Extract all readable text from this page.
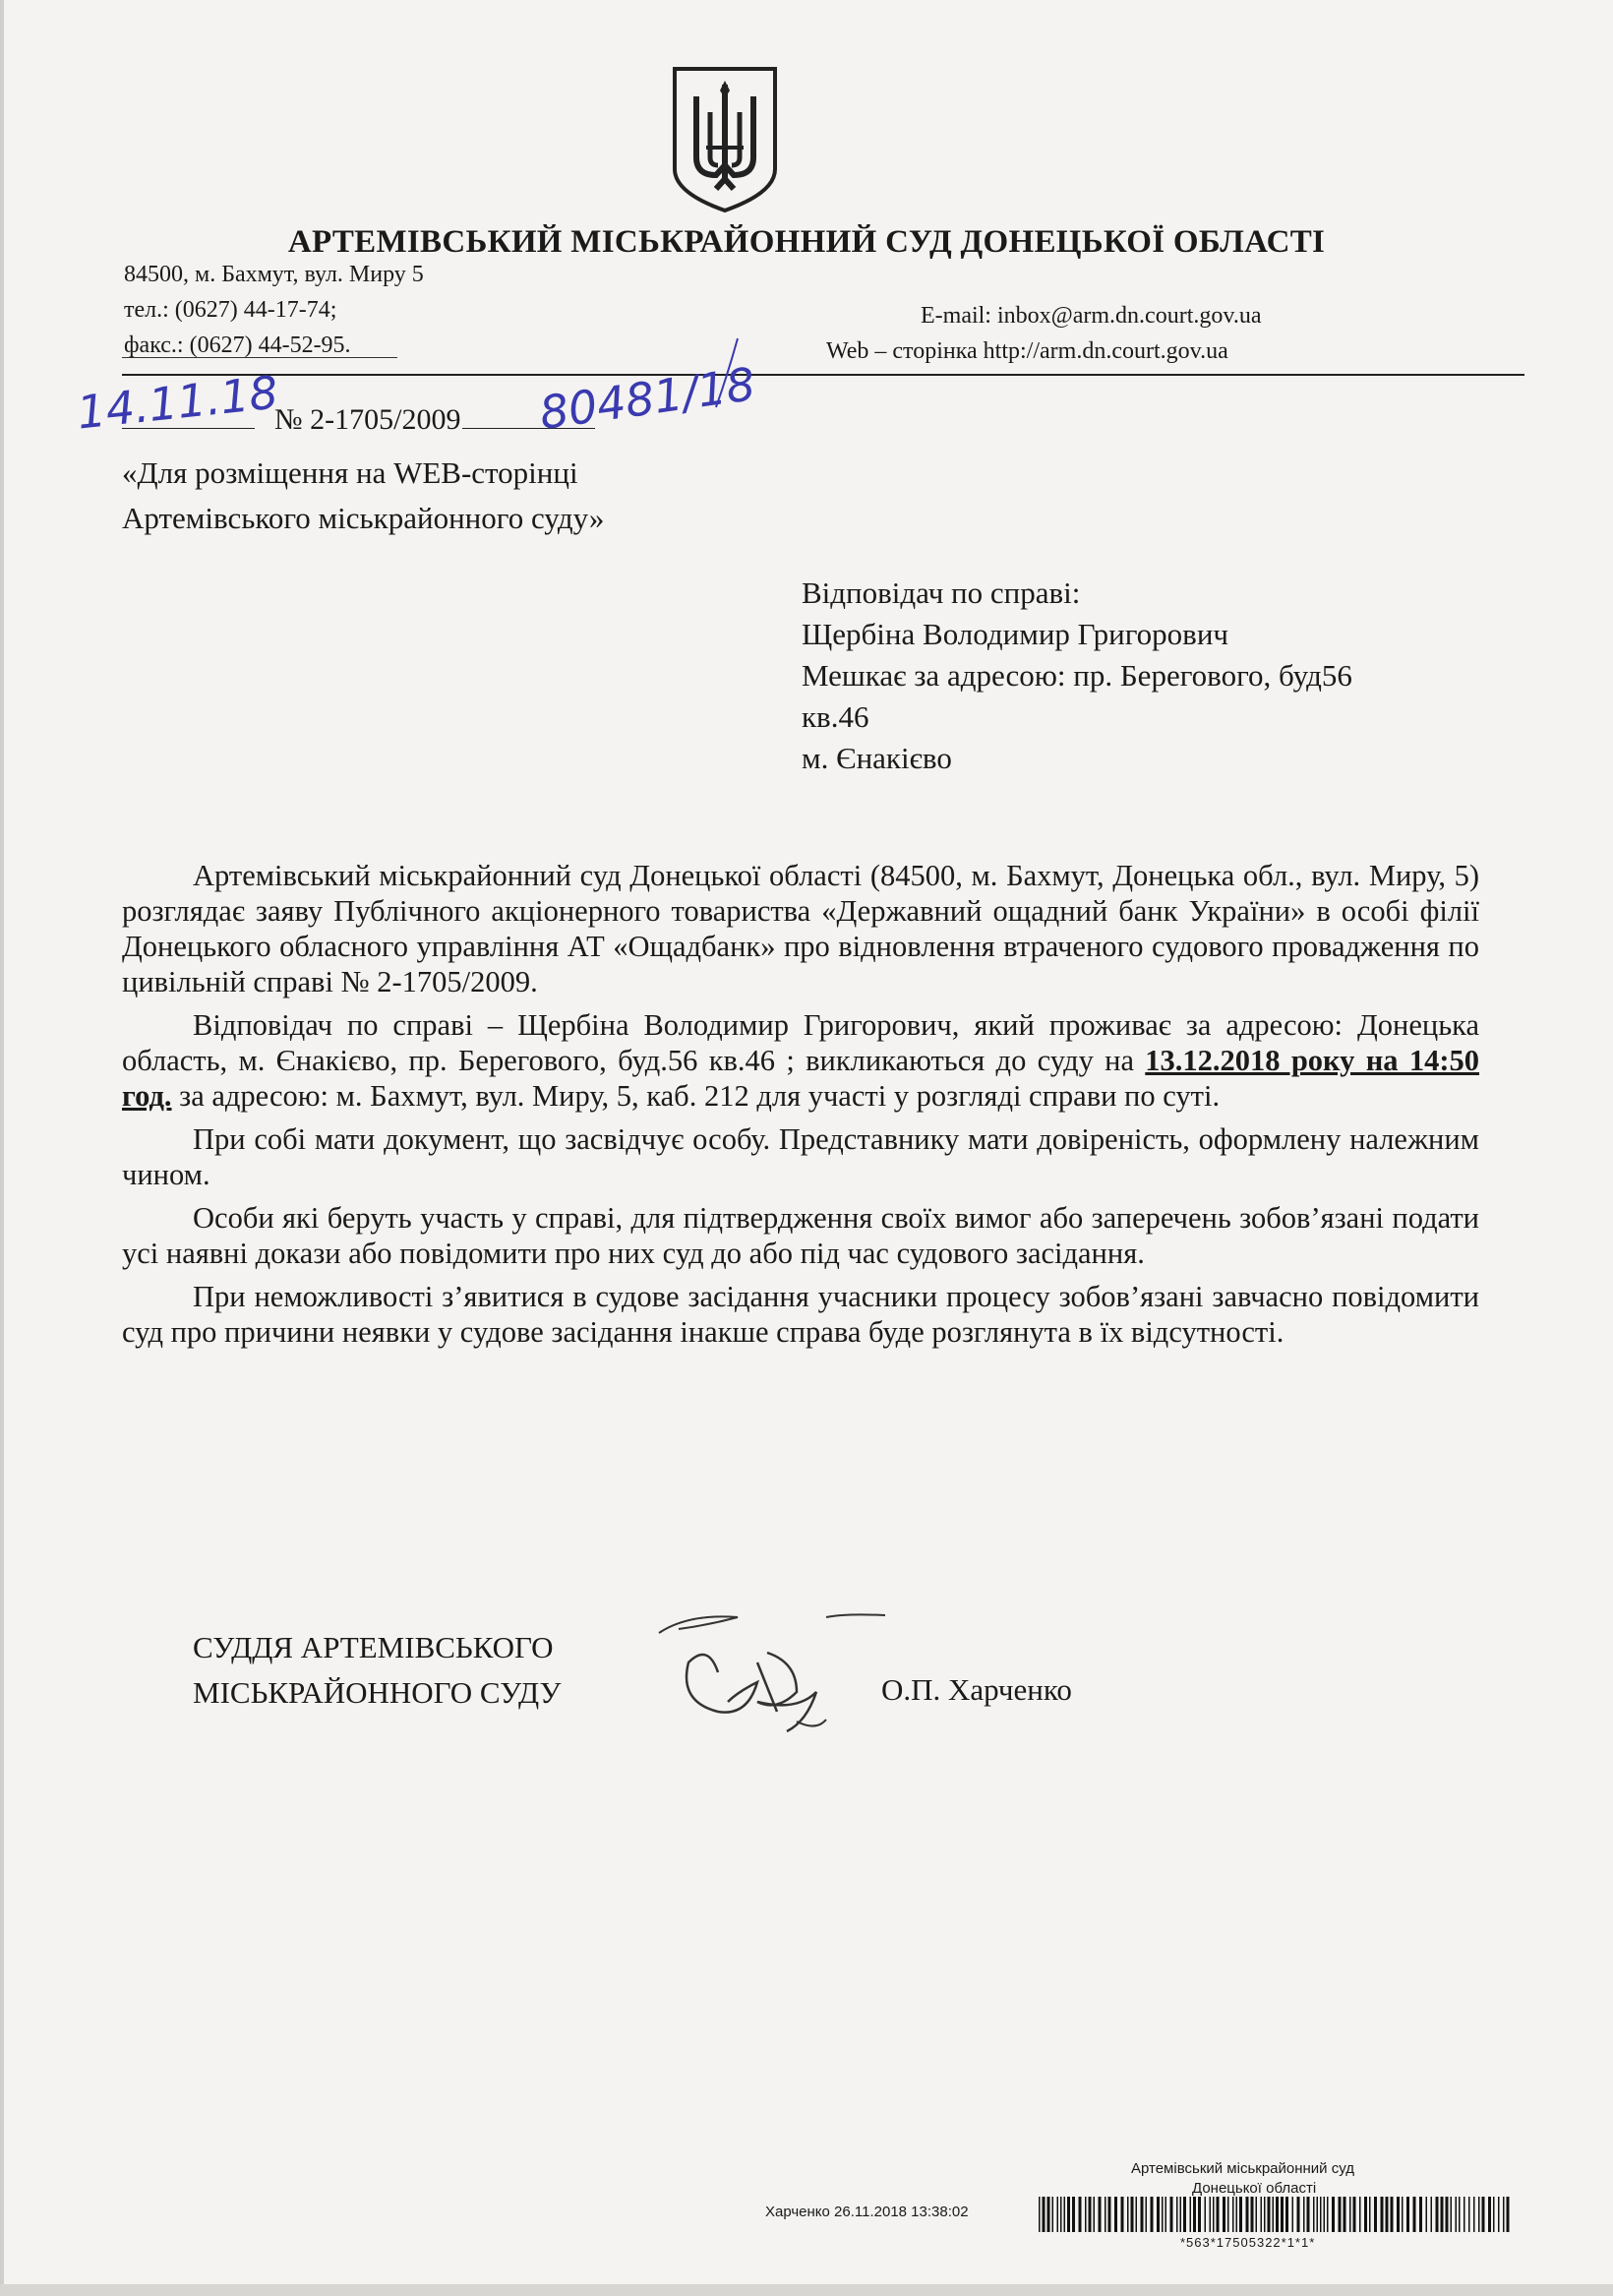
АРТЕМІВСЬКИЙ МІСЬКРАЙОННИЙ СУД ДОНЕЦЬКОЇ ОБЛАСТІ
84500, м. Бахмут, вул. Миру 5
тел.: (0627) 44-17-74;
факс.: (0627) 44-52-95.
E-mail: inbox@arm.dn.court.gov.ua
Web – сторінка http://arm.dn.court.gov.ua
№ 2-1705/2009
14.11.18	80481/18
«Для розміщення на WEB-сторінці
Артемівського міськрайонного суду»
Відповідач по справі:
Щербіна Володимир Григорович
Мешкає за адресою: пр. Берегового, буд56
кв.46
м. Єнакієво

Артемівський міськрайонний суд Донецької області (84500, м. Бахмут, Донецька обл., вул. Миру, 5) розглядає заяву Публічного акціонерного товариства «Державний ощадний банк України» в особі філії Донецького обласного управління АТ «Ощадбанк» про відновлення втраченого судового провадження по цивільній справі № 2-1705/2009.

Відповідач по справі – Щербіна Володимир Григорович, який проживає за адресою: Донецька область, м. Єнакієво, пр. Берегового, буд.56 кв.46 ; викликаються до суду на 13.12.2018 року на 14:50 год. за адресою: м. Бахмут, вул. Миру, 5, каб. 212 для участі у розгляді справи по суті.

При собі мати документ, що засвідчує особу. Представнику мати довіреність, оформлену належним чином.

Особи які беруть участь у справі, для підтвердження своїх вимог або заперечень зобов’язані подати усі наявні докази або повідомити про них суд до або під час судового засідання.

При неможливості з’явитися в судове засідання учасники процесу зобов’язані завчасно повідомити суд про причини неявки у судове засідання інакше справа буде розглянута в їх відсутності.

СУДДЯ АРТЕМІВСЬКОГО
МІСЬКРАЙОННОГО СУДУ	О.П. Харченко
Артемівський міськрайонний суд
Донецької області
Харченко 26.11.2018 13:38:02
*563*17505322*1*1*
